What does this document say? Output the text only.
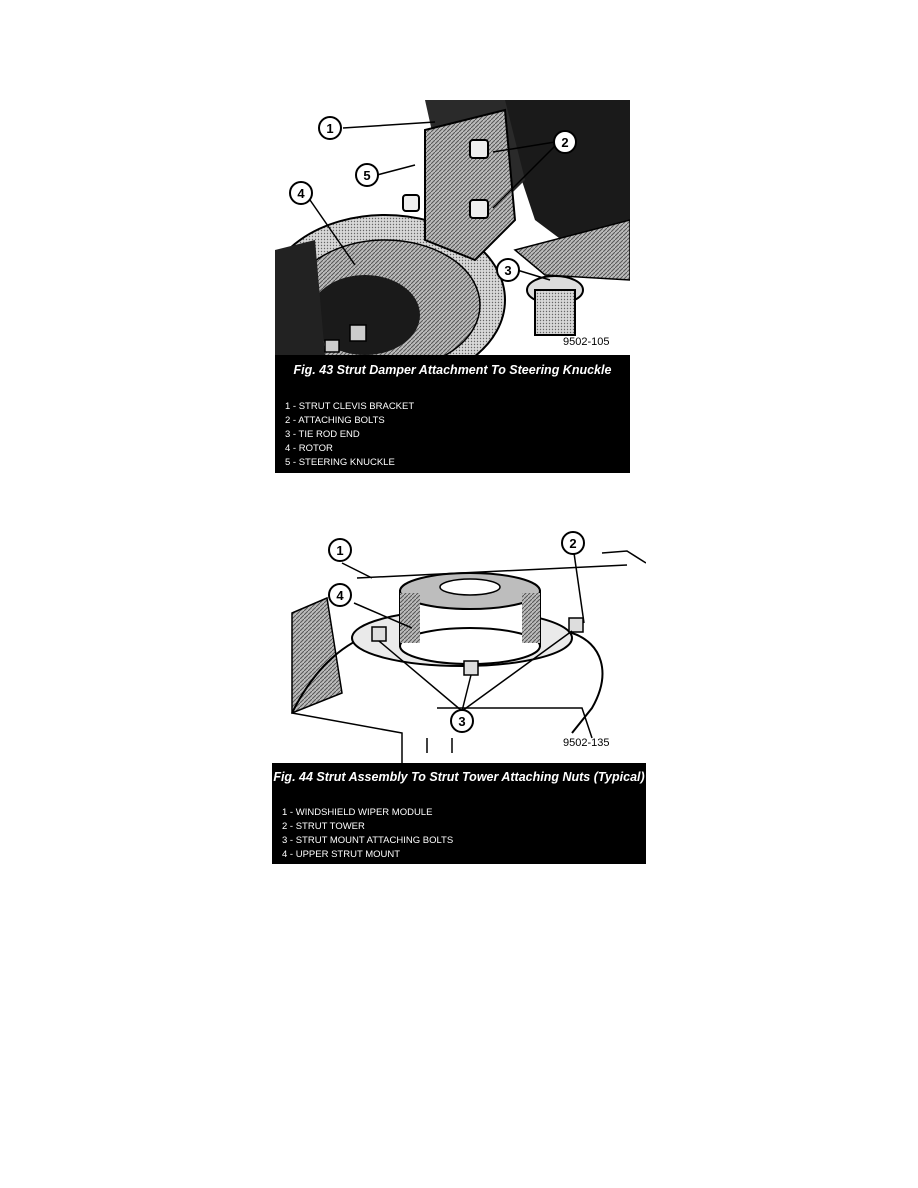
1
2
3
4
5
9502-105
Fig. 43 Strut Damper Attachment To Steering Knuckle
1 - STRUT CLEVIS BRACKET
2 - ATTACHING BOLTS
3 - TIE ROD END
4 - ROTOR
5 - STEERING KNUCKLE
1	2
3
4
9502-135
Fig. 44 Strut Assembly To Strut Tower Attaching Nuts (Typical)
1 - WINDSHIELD WIPER MODULE
2 - STRUT TOWER
3 - STRUT MOUNT ATTACHING BOLTS
4 - UPPER STRUT MOUNT
